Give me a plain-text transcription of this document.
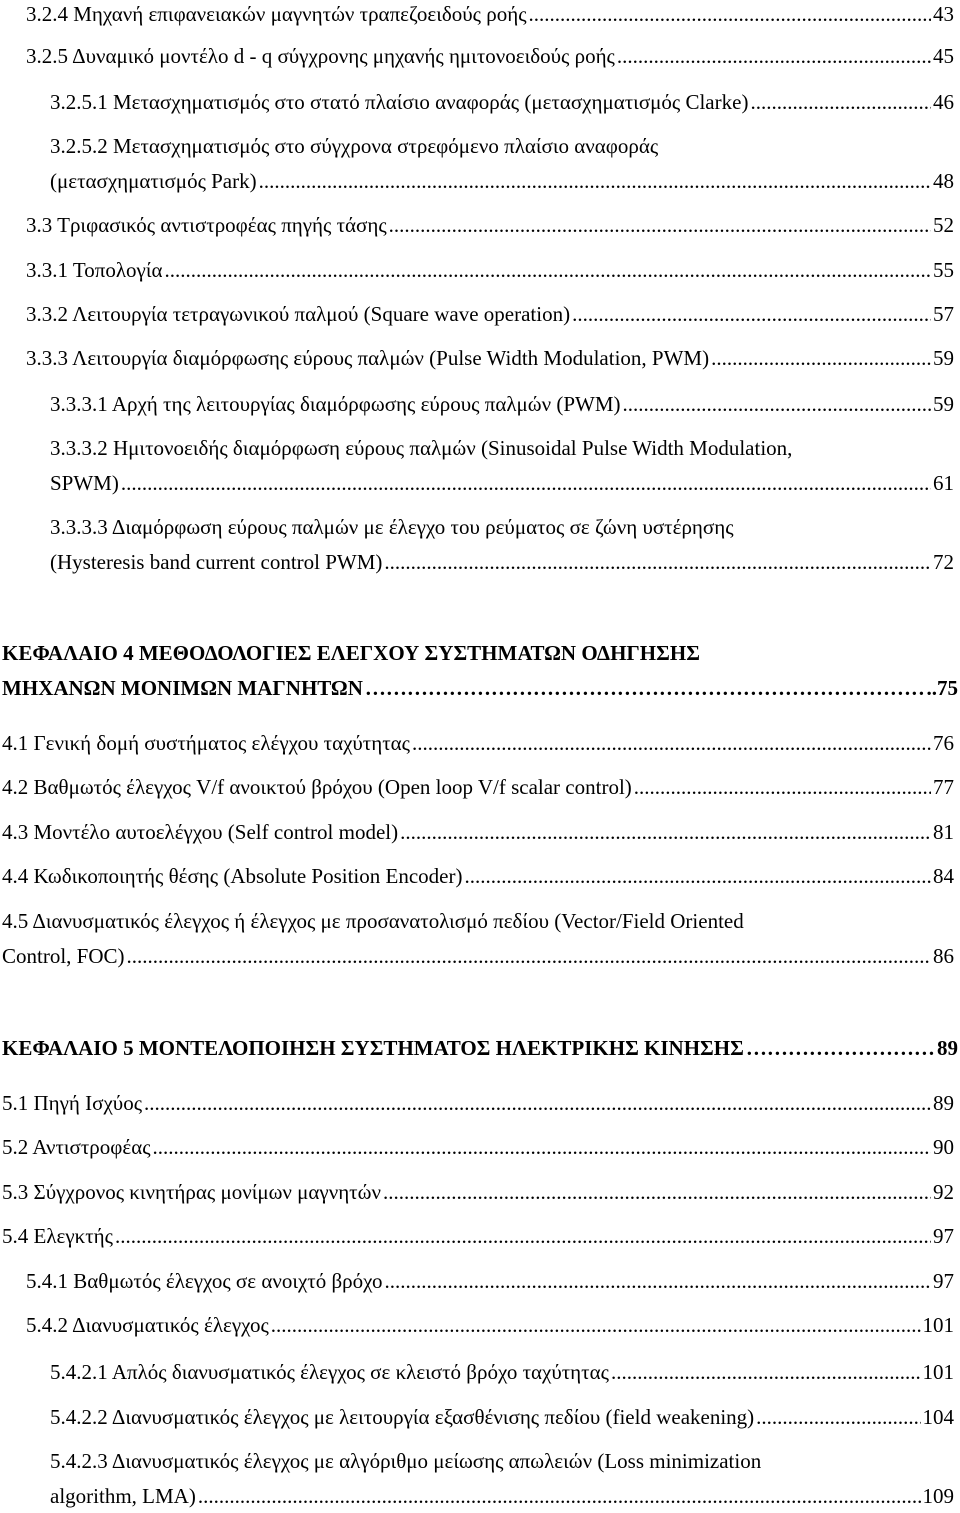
3.2.4 Μηχανή επιφανειακών μαγνητών τραπεζοειδούς ροής .....	43
3.2.5 Δυναμικό μοντέλο d - q σύγχρονης μηχανής ημιτονοειδούς ροής .....	45
3.2.5.1 Μετασχηματισμός στο στατό πλαίσιο αναφοράς (μετασχηματισμός Clarke) .....	46
3.2.5.2 Μετασχηματισμός στο σύγχρονα στρεφόμενο πλαίσιο αναφοράς
(μετασχηματισμός Park) .....	48
3.3 Τριφασικός αντιστροφέας πηγής τάσης .....	52
3.3.1 Τοπολογία .....	55
3.3.2 Λειτουργία τετραγωνικού παλμού (Square wave operation) .....	57
3.3.3 Λειτουργία διαμόρφωσης εύρους παλμών (Pulse Width Modulation, PWM) .....	59
3.3.3.1 Αρχή της λειτουργίας διαμόρφωσης εύρους παλμών (PWM) .....	59
3.3.3.2 Ημιτονοειδής διαμόρφωση εύρους παλμών (Sinusoidal Pulse Width Modulation,
SPWM) .....	61
3.3.3.3 Διαμόρφωση εύρους παλμών με έλεγχο του ρεύματος σε ζώνη υστέρησης
(Hysteresis band current control PWM) .....	72
ΚΕΦΑΛΑΙΟ 4 ΜΕΘΟΔΟΛΟΓΙΕΣ ΕΛΕΓΧΟΥ ΣΥΣΤΗΜΑΤΩΝ ΟΔΗΓΗΣΗΣ
ΜΗΧΑΝΩΝ ΜΟΝΙΜΩΝ ΜΑΓΝΗΤΩΝ …………………………………………………………………………………………………………………………………………………………………………	..75
4.1 Γενική δομή συστήματος ελέγχου ταχύτητας .....	76
4.2 Βαθμωτός έλεγχος V/f ανοικτού βρόχου (Open loop V/f scalar control) .....	77
4.3 Μοντέλο αυτοελέγχου (Self control model) .....	81
4.4 Κωδικοποιητής θέσης (Absolute Position Encoder) .....	84
4.5 Διανυσματικός έλεγχος ή έλεγχος με προσανατολισμό πεδίου (Vector/Field Oriented
Control, FOC) .....	86
ΚΕΦΑΛΑΙΟ 5 ΜΟΝΤΕΛΟΠΟΙΗΣΗ ΣΥΣΤΗΜΑΤΟΣ ΗΛΕΚΤΡΙΚΗΣ ΚΙΝΗΣΗΣ …………………………………………………………………………………………………………………………………………………………………………	89
5.1 Πηγή Ισχύος .....	89
5.2 Αντιστροφέας .....	90
5.3 Σύγχρονος κινητήρας μονίμων μαγνητών .....	92
5.4 Ελεγκτής .....	97
5.4.1 Βαθμωτός έλεγχος σε ανοιχτό βρόχο .....	97
5.4.2 Διανυσματικός έλεγχος .....	101
5.4.2.1 Απλός διανυσματικός έλεγχος σε κλειστό βρόχο ταχύτητας .....	101
5.4.2.2 Διανυσματικός έλεγχος με λειτουργία εξασθένισης πεδίου (field weakening) .....	104
5.4.2.3 Διανυσματικός έλεγχος με αλγόριθμο μείωσης απωλειών (Loss minimization
algorithm, LMA) .....	109
